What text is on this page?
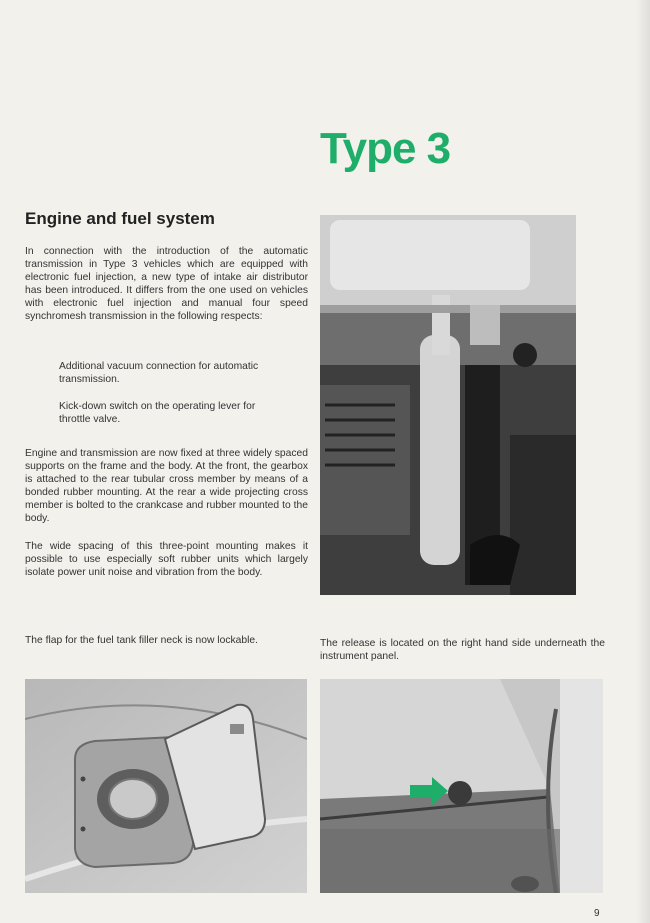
Type 3
Engine and fuel system

In connection with the introduction of the automatic transmission in Type 3 vehicles which are equipped with electronic fuel injection, a new type of intake air distributor has been introduced. It differs from the one used on vehicles with electronic fuel injection and manual four speed synchromesh transmission in the following respects:

Additional vacuum connection for automatic transmission.

Kick-down switch on the operating lever for throttle valve.

Engine and transmission are now fixed at three widely spaced supports on the frame and the body. At the front, the gearbox is attached to the rear tubular cross member by means of a bonded rubber mounting. At the rear a wide projecting cross member is bolted to the crankcase and rubber mounted to the body.

The wide spacing of this three-point mounting makes it possible to use especially soft rubber units which largely isolate power unit noise and vibration from the body.

The flap for the fuel tank filler neck is now lockable.	The release is located on the right hand side underneath the instrument panel.

9
